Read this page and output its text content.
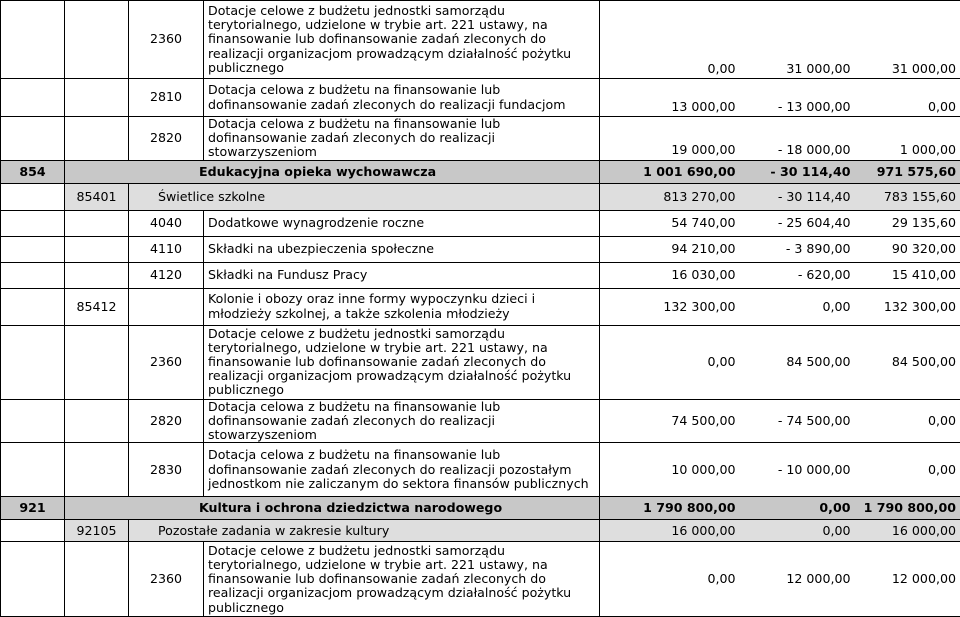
		2360	Dotacje celowe z budżetu jednostki samorządu terytorialnego, udzielone w trybie art. 221 ustawy, na finansowanie lub dofinansowanie zadań zleconych do realizacji organizacjom prowadzącym działalność pożytku publicznego	0,00	31 000,00	31 000,00
		2810	Dotacja celowa z budżetu na finansowanie lub dofinansowanie zadań zleconych do realizacji fundacjom	13 000,00	- 13 000,00	0,00
		2820	Dotacja celowa z budżetu na finansowanie lub dofinansowanie zadań zleconych do realizacji stowarzyszeniom	19 000,00	- 18 000,00	1 000,00
854	Edukacyjna opieka wychowawcza			1 001 690,00	- 30 114,40	971 575,60
	85401	Świetlice szkolne		813 270,00	- 30 114,40	783 155,60
		4040	Dodatkowe wynagrodzenie roczne	54 740,00	- 25 604,40	29 135,60
		4110	Składki na ubezpieczenia społeczne	94 210,00	- 3 890,00	90 320,00
		4120	Składki na Fundusz Pracy	16 030,00	- 620,00	15 410,00
	85412		Kolonie i obozy oraz inne formy wypoczynku dzieci i młodzieży szkolnej, a także szkolenia młodzieży	132 300,00	0,00	132 300,00
		2360	Dotacje celowe z budżetu jednostki samorządu terytorialnego, udzielone w trybie art. 221 ustawy, na finansowanie lub dofinansowanie zadań zleconych do realizacji organizacjom prowadzącym działalność pożytku publicznego	0,00	84 500,00	84 500,00
		2820	Dotacja celowa z budżetu na finansowanie lub dofinansowanie zadań zleconych do realizacji stowarzyszeniom	74 500,00	- 74 500,00	0,00
		2830	Dotacja celowa z budżetu na finansowanie lub dofinansowanie zadań zleconych do realizacji pozostałym jednostkom nie zaliczanym do sektora finansów publicznych	10 000,00	- 10 000,00	0,00
921	Kultura i ochrona dziedzictwa narodowego			1 790 800,00	0,00	1 790 800,00
	92105	Pozostałe zadania w zakresie kultury		16 000,00	0,00	16 000,00
		2360	Dotacje celowe z budżetu jednostki samorządu terytorialnego, udzielone w trybie art. 221 ustawy, na finansowanie lub dofinansowanie zadań zleconych do realizacji organizacjom prowadzącym działalność pożytku publicznego	0,00	12 000,00	12 000,00
